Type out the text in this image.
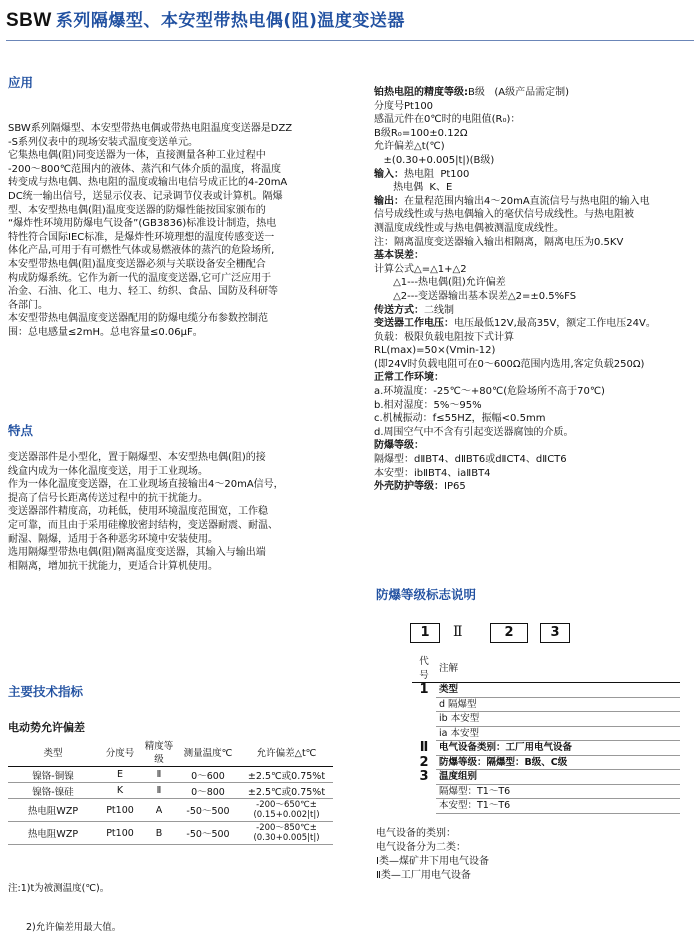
SBW 系列隔爆型、本安型带热电偶(阻)温度变送器
应用
SBW系列隔爆型、本安型带热电偶或带热电阻温度变送器是DZZ
-S系列仪表中的现场安装式温度变送单元。
它集热电偶(阻)同变送器为一体，直接测量各种工业过程中
-200～800℃范围内的液体、蒸汽和气体介质的温度，将温度
转变成与热电偶、热电阻的温度或输出电信号成正比的4-20mA
DC统一输出信号，送显示仪表、记录调节仪表或计算机。隔爆
型、本安型热电偶(阻)温度变送器的防爆性能按国家颁布的
“爆炸性环境用防爆电气设备”(GB3836)标准设计制造，热电
特性符合国际IEC标准，是爆炸性环境理想的温度传感变送一
体化产品,可用于有可燃性气体或易燃液体的蒸汽的危险场所,
本安型带热电偶(阻)温度变送器必须与关联设备安全栅配合
构成防爆系统。它作为新一代的温度变送器,它可广泛应用于
冶金、石油、化工、电力、轻工、纺织、食品、国防及科研等
各部门。
本安型带热电偶温度变送器配用的防爆电缆分布参数控制范
围：总电感量≤2mH。总电容量≤0.06μF。
特点
变送器部件是小型化，置于隔爆型、本安型热电偶(阻)的接
线盒内成为一体化温度变送，用于工业现场。
作为一体化温度变送器，在工业现场直接输出4～20mA信号，
提高了信号长距离传送过程中的抗干扰能力。
变送器部件精度高，功耗低，使用环境温度范围宽，工作稳
定可靠，而且由于采用硅橡胶密封结构，变送器耐震、耐温、
耐湿、隔爆，适用于各种恶劣环境中安装使用。
选用隔爆型带热电偶(阻)隔离温度变送器，其输入与输出端
相隔离，增加抗干扰能力，更适合计算机使用。
主要技术指标
电动势允许偏差
类型	分度号	精度等级	测量温度℃	允许偏差△t℃
镍铬-铜镍	E	Ⅱ	0～600	±2.5℃或0.75%t
镍铬-镍硅	K	Ⅱ	0～800	±2.5℃或0.75%t
热电阻WZP	Pt100	A	-50～500	-200～650℃±(0.15+0.002|t|)
热电阻WZP	Pt100	B	-50～500	-200～850℃±(0.30+0.005|t|)

注:1)t为被测温度(℃)。

2)允许偏差用最大值。

铂热电阻的精度等级:B级   (A级产品需定制)
分度号Pt100
感温元件在0℃时的电阻值(R₀)：
B级R₀=100±0.12Ω
允许偏差△t(℃)
±(0.30+0.005|t|)(B级)
输入：热电阻  Pt100
热电偶  K、E
输出：在量程范围内输出4～20mA直流信号与热电阻的输入电
信号成线性或与热电偶输入的毫伏信号成线性。与热电阻被
测温度成线性或与热电偶被测温度成线性。
注：隔离温度变送器输入输出相隔离，隔离电压为0.5KV
基本误差：
计算公式△=△1+△2
△1---热电偶(阻)允许偏差
△2---变送器输出基本误差△2=±0.5%FS
传送方式：二线制
变送器工作电压：电压最低12V,最高35V，额定工作电压24V。
负载：极限负载电阻按下式计算
RL(max)=50×(Vmin-12)
(即24V时负载电阻可在0～600Ω范围内选用,客定负载250Ω)
正常工作环境：
a.环境温度：-25℃～+80℃(危险场所不高于70℃)
b.相对湿度：5%～95%
c.机械振动：f≤55HZ，振幅<0.5mm
d.周围空气中不含有引起变送器腐蚀的介质。
防爆等级：
隔爆型：dⅡBT4、dⅡBT6或dⅡCT4、dⅡCT6
本安型：ibⅡBT4、iaⅡBT4
外壳防护等级：IP65
防爆等级标志说明
1	Ⅱ	2	3
代号	注解
1	类型
	d 隔爆型
	ib 本安型
	ia 本安型
Ⅱ	电气设备类别：工厂用电气设备
2	防爆等级：隔爆型：B级、C级
3	温度组别
	隔爆型：T1～T6
	本安型：T1～T6
电气设备的类别：
电气设备分为二类：
Ⅰ类—煤矿井下用电气设备
Ⅱ类—工厂用电气设备
